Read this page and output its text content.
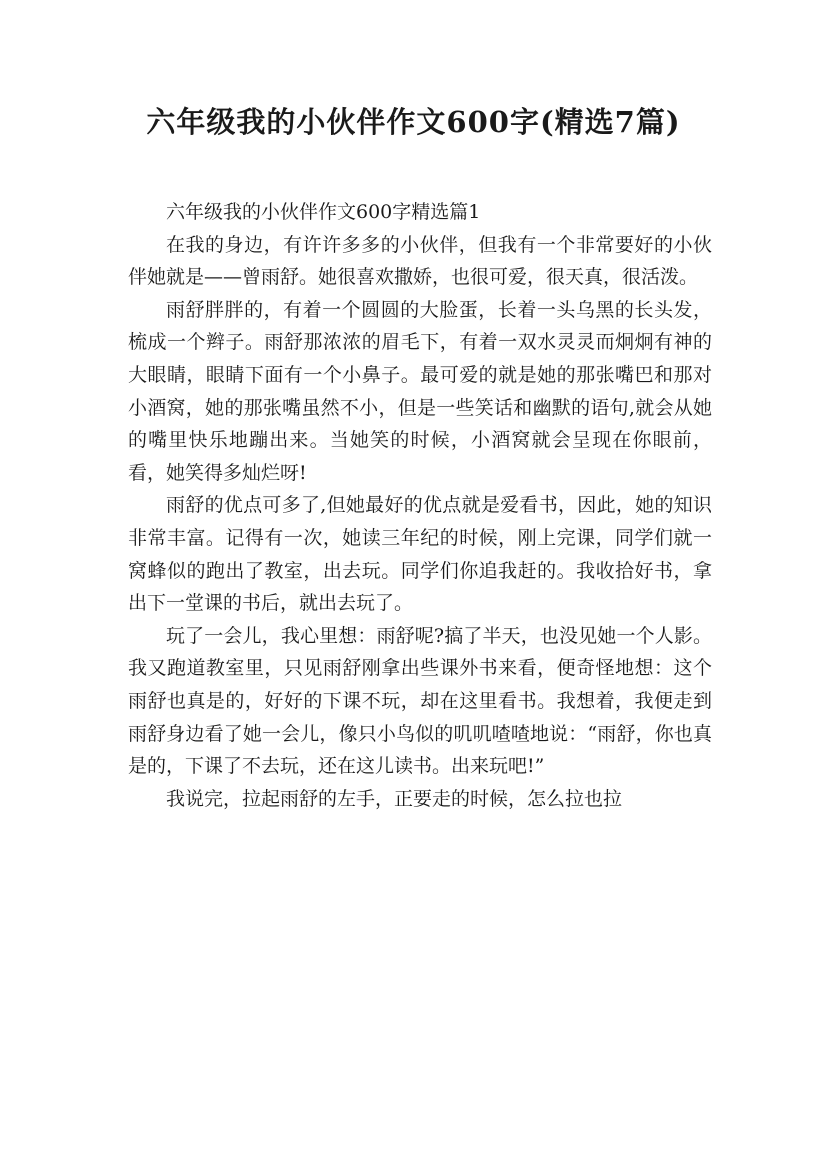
六年级我的小伙伴作文600字(精选7篇)

六年级我的小伙伴作文600字精选篇1

在我的身边，有许许多多的小伙伴，但我有一个非常要好的小伙伴她就是——曾雨舒。她很喜欢撒娇，也很可爱，很天真，很活泼。

雨舒胖胖的，有着一个圆圆的大脸蛋，长着一头乌黑的长头发，梳成一个辫子。雨舒那浓浓的眉毛下，有着一双水灵灵而炯炯有神的大眼睛，眼睛下面有一个小鼻子。最可爱的就是她的那张嘴巴和那对小酒窝，她的那张嘴虽然不小，但是一些笑话和幽默的语句,就会从她的嘴里快乐地蹦出来。当她笑的时候，小酒窝就会呈现在你眼前，看，她笑得多灿烂呀!

雨舒的优点可多了,但她最好的优点就是爱看书，因此，她的知识非常丰富。记得有一次，她读三年纪的时候，刚上完课，同学们就一窝蜂似的跑出了教室，出去玩。同学们你追我赶的。我收拾好书，拿出下一堂课的书后，就出去玩了。

玩了一会儿，我心里想：雨舒呢?搞了半天，也没见她一个人影。我又跑道教室里，只见雨舒刚拿出些课外书来看，便奇怪地想：这个雨舒也真是的，好好的下课不玩，却在这里看书。我想着，我便走到雨舒身边看了她一会儿，像只小鸟似的叽叽喳喳地说：“雨舒，你也真是的，下课了不去玩，还在这儿读书。出来玩吧!”

我说完，拉起雨舒的左手，正要走的时候，怎么拉也拉
